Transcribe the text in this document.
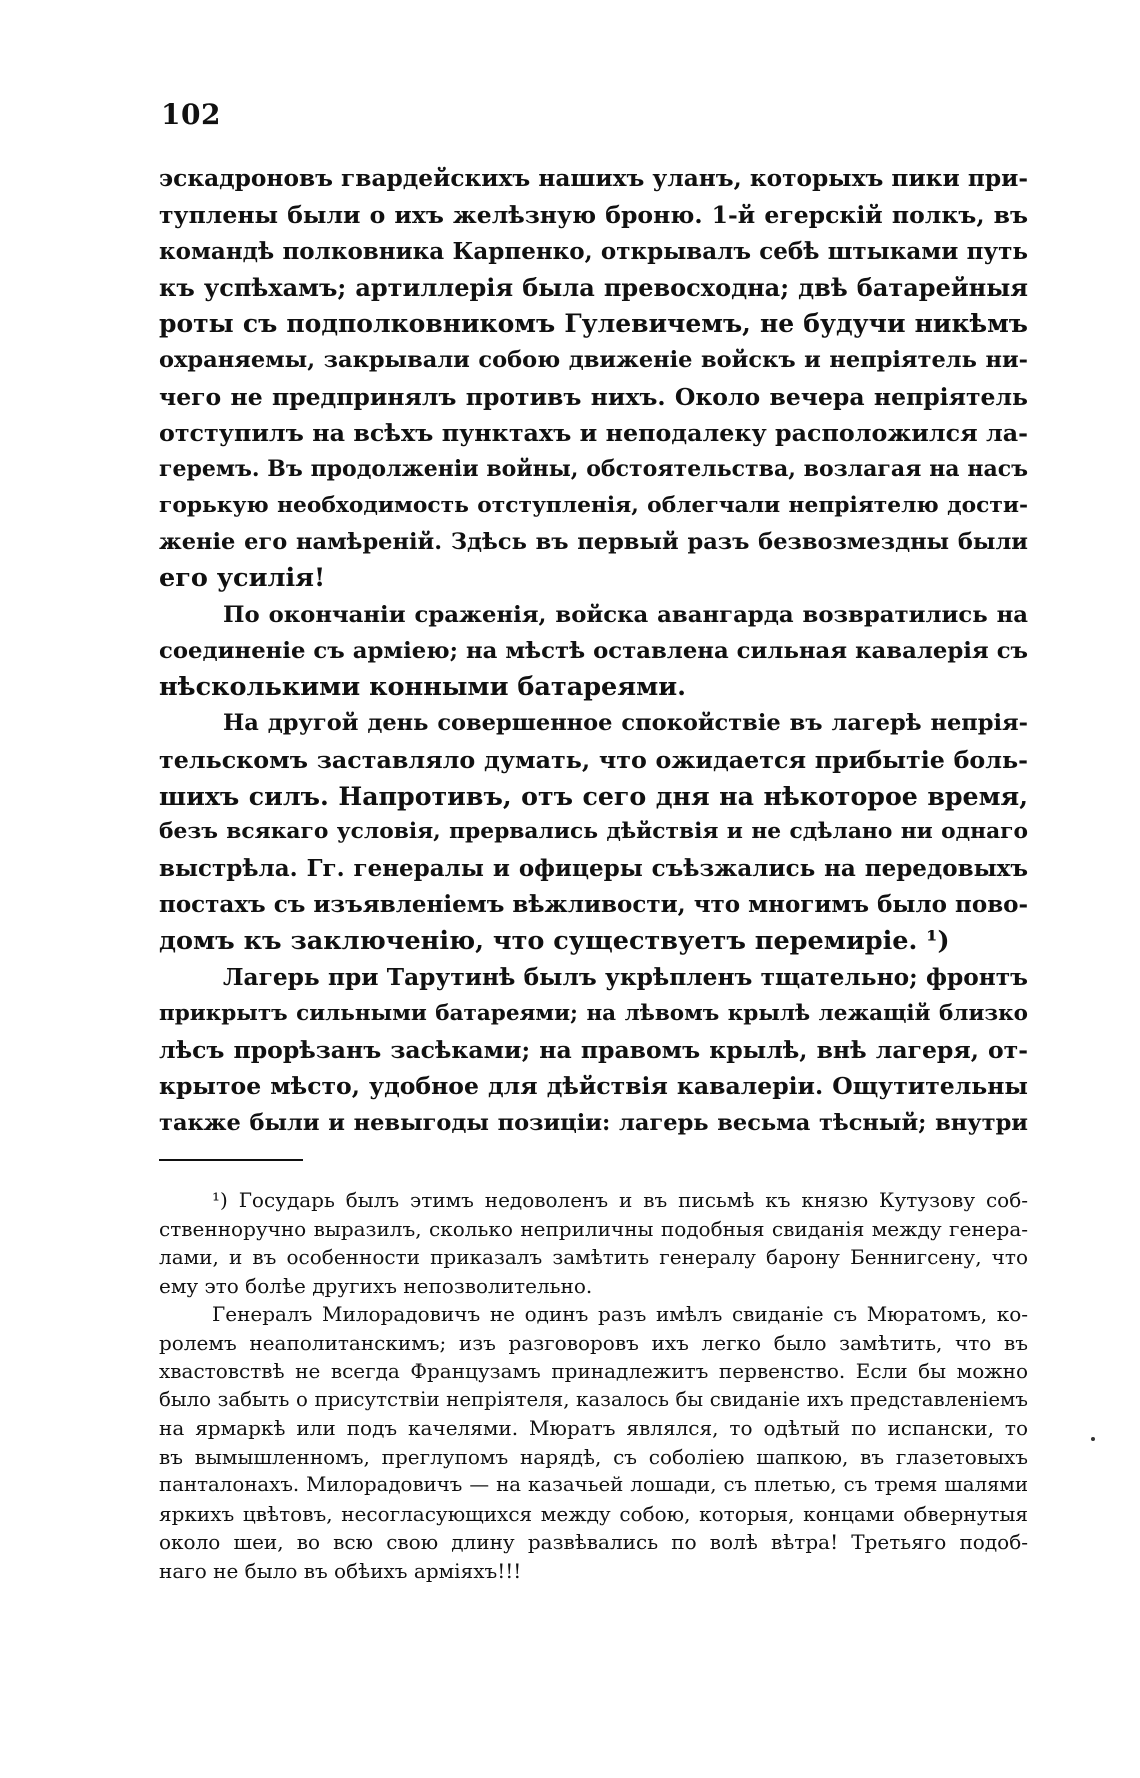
102

эскадроновъ гвардейскихъ нашихъ уланъ, которыхъ пики при-
туплены были о ихъ желѣзную броню. 1-й егерскій полкъ, въ
командѣ полковника Карпенко, открывалъ себѣ штыками путь
къ успѣхамъ; артиллерія была превосходна; двѣ батарейныя
роты съ подполковникомъ Гулевичемъ, не будучи никѣмъ
охраняемы, закрывали собою движеніе войскъ и непріятель ни-
чего не предпринялъ противъ нихъ. Около вечера непріятель
отступилъ на всѣхъ пунктахъ и неподалеку расположился ла-
геремъ. Въ продолженіи войны, обстоятельства, возлагая на насъ
горькую необходимость отступленія, облегчали непріятелю дости-
женіе его намѣреній. Здѣсь въ первый разъ безвозмездны были
его усилія!
По окончаніи сраженія, войска авангарда возвратились на
соединеніе съ арміею; на мѣстѣ оставлена сильная кавалерія съ
нѣсколькими конными батареями.
На другой день совершенное спокойствіе въ лагерѣ непрія-
тельскомъ заставляло думать, что ожидается прибытіе боль-
шихъ силъ. Напротивъ, отъ сего дня на нѣкоторое время,
безъ всякаго условія, прервались дѣйствія и не сдѣлано ни однаго
выстрѣла. Гг. генералы и офицеры съѣзжались на передовыхъ
постахъ съ изъявленіемъ вѣжливости, что многимъ было пово-
домъ къ заключенію, что существуетъ перемиріе. ¹)
Лагерь при Тарутинѣ былъ укрѣпленъ тщательно; фронтъ
прикрытъ сильными батареями; на лѣвомъ крылѣ лежащій близко
лѣсъ прорѣзанъ засѣками; на правомъ крылѣ, внѣ лагеря, от-
крытое мѣсто, удобное для дѣйствія кавалеріи. Ощутительны
также были и невыгоды позиціи: лагерь весьма тѣсный; внутри
¹) Государь былъ этимъ недоволенъ и въ письмѣ къ князю Кутузову соб-
ственноручно выразилъ, сколько неприличны подобныя свиданія между генера-
лами, и въ особенности приказалъ замѣтить генералу барону Беннигсену, что
ему это болѣе другихъ непозволительно.
Генералъ Милорадовичъ не одинъ разъ имѣлъ свиданіе съ Мюратомъ, ко-
ролемъ неаполитанскимъ; изъ разговоровъ ихъ легко было замѣтить, что въ
хвастовствѣ не всегда Французамъ принадлежитъ первенство. Если бы можно
было забыть о присутствіи непріятеля, казалось бы свиданіе ихъ представленіемъ
на ярмаркѣ или подъ качелями. Мюратъ являлся, то одѣтый по испански, то
въ вымышленномъ, преглупомъ нарядѣ, съ соболіею шапкою, въ глазетовыхъ
панталонахъ. Милорадовичъ — на казачьей лошади, съ плетью, съ тремя шалями
яркихъ цвѣтовъ, несогласующихся между собою, которыя, концами обвернутыя
около шеи, во всю свою длину развѣвались по волѣ вѣтра! Третьяго подоб-
наго не было въ обѣихъ арміяхъ!!!
